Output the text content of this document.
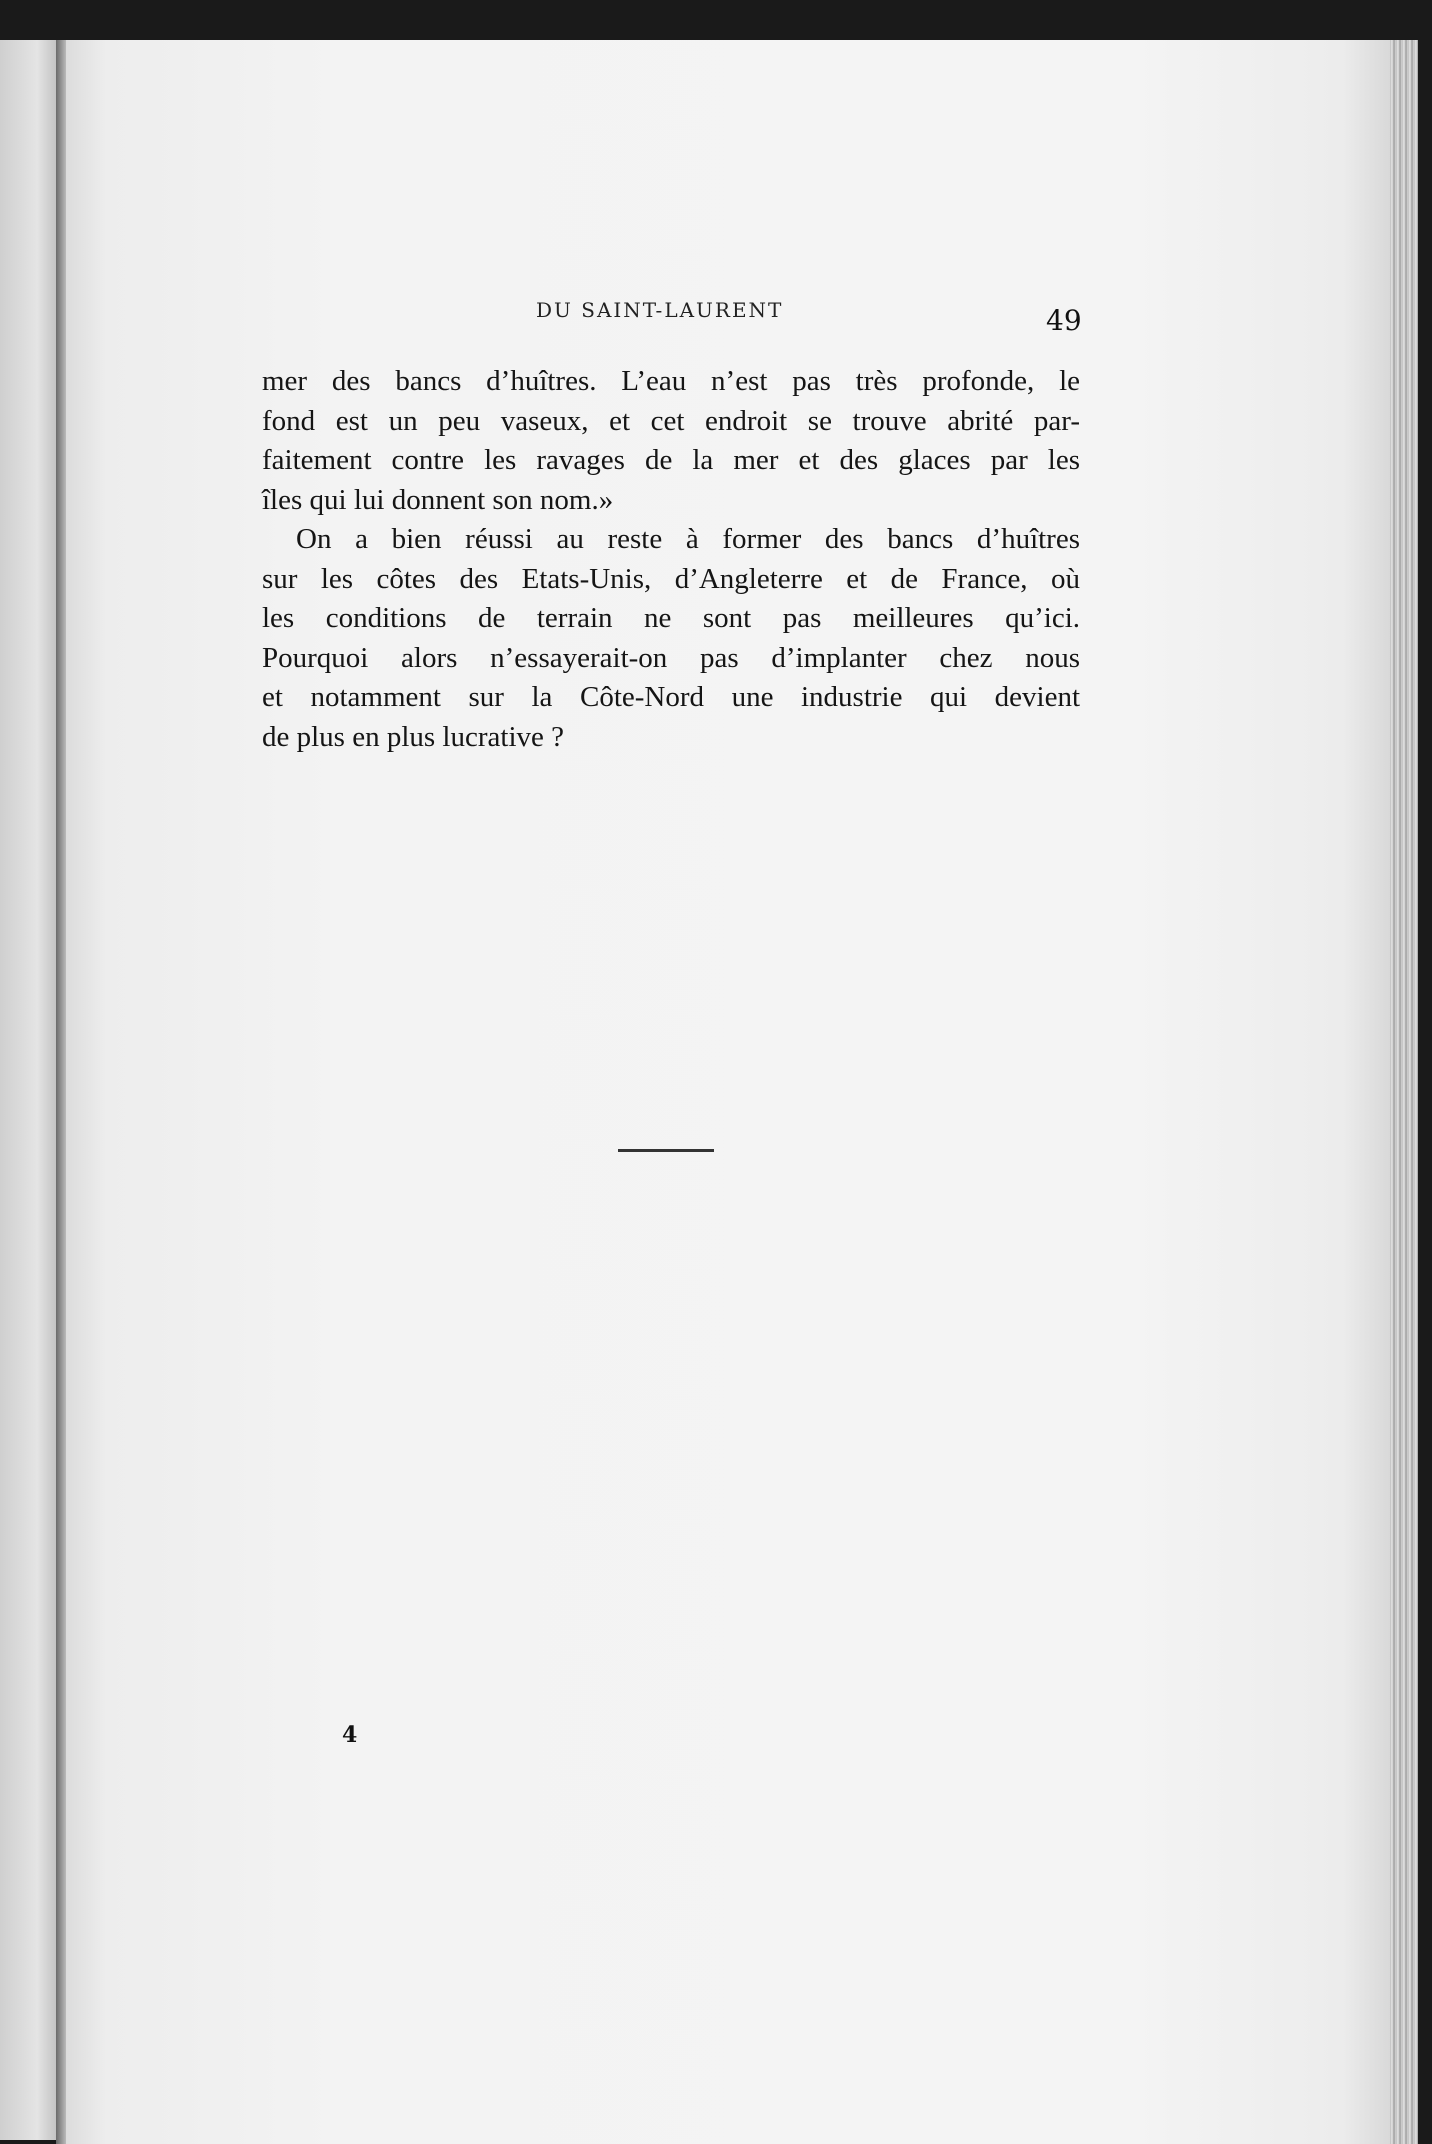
DU SAINT-LAURENT	49
mer des bancs d’huîtres. L’eau n’est pas très profonde, le
fond est un peu vaseux, et cet endroit se trouve abrité par-
faitement contre les ravages de la mer et des glaces par les
îles qui lui donnent son nom.»
On a bien réussi au reste à former des bancs d’huîtres
sur les côtes des Etats-Unis, d’Angleterre et de France, où
les conditions de terrain ne sont pas meilleures qu’ici.
Pourquoi alors n’essayerait-on pas d’implanter chez nous
et notamment sur la Côte-Nord une industrie qui devient
de plus en plus lucrative ?
4
